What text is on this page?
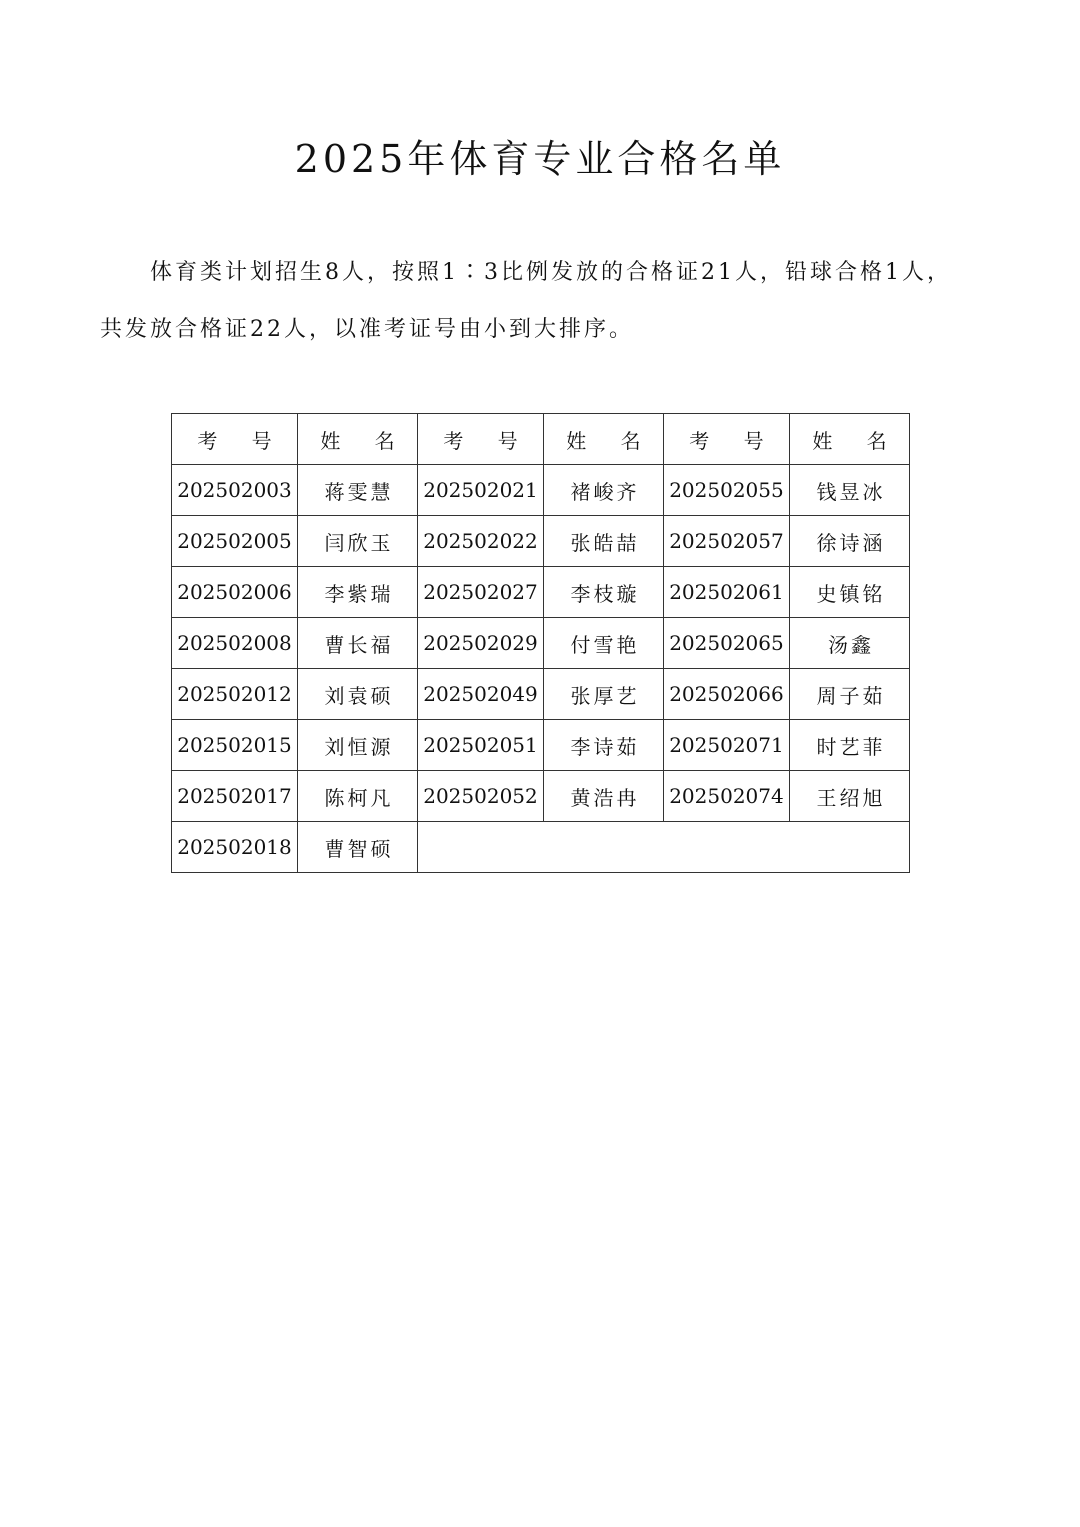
2025年体育专业合格名单
体育类计划招生8人，按照1∶3比例发放的合格证21人，铅球合格1人，
共发放合格证22人，以准考证号由小到大排序。
考 号	姓 名	考 号	姓 名	考 号	姓 名
202502003	蒋雯慧	202502021	褚峻齐	202502055	钱昱冰
202502005	闫欣玉	202502022	张皓喆	202502057	徐诗涵
202502006	李紫瑞	202502027	李枝璇	202502061	史镇铭
202502008	曹长福	202502029	付雪艳	202502065	汤鑫
202502012	刘袁硕	202502049	张厚艺	202502066	周子茹
202502015	刘恒源	202502051	李诗茹	202502071	时艺菲
202502017	陈柯凡	202502052	黄浩冉	202502074	王绍旭
202502018	曹智硕				
